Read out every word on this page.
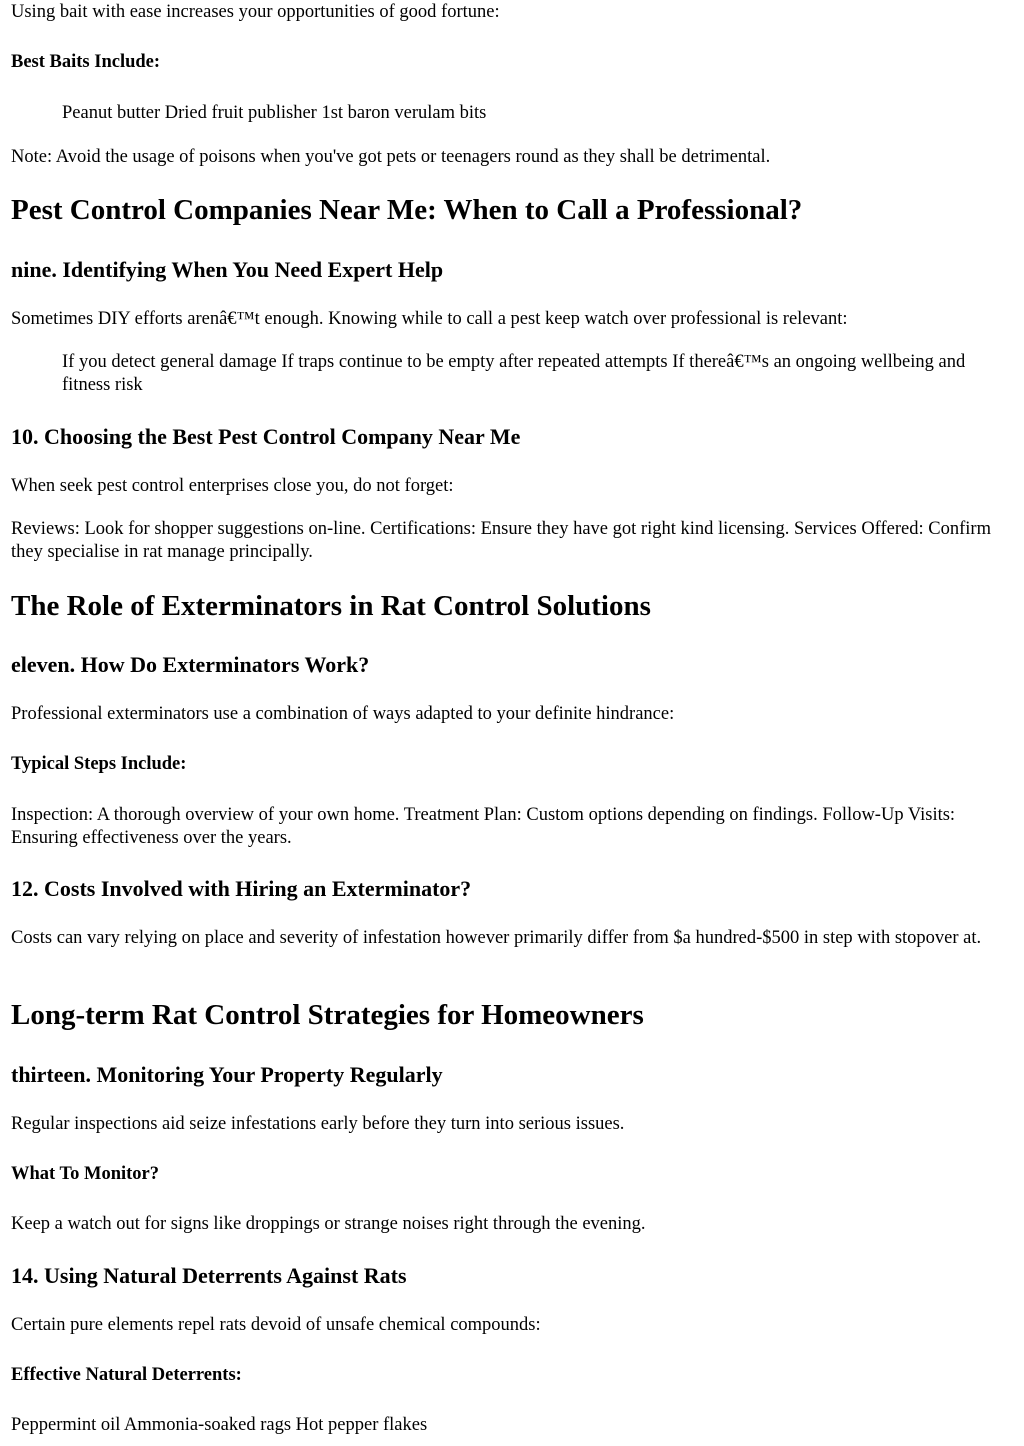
Using bait with ease increases your opportunities of good fortune:

Best Baits Include:

Peanut butter Dried fruit publisher 1st baron verulam bits

Note: Avoid the usage of poisons when you've got pets or teenagers round as they shall be detrimental.

Pest Control Companies Near Me: When to Call a Professional?
nine. Identifying When You Need Expert Help

Sometimes DIY efforts arenâ€™t enough. Knowing while to call a pest keep watch over professional is relevant:

If you detect general damage If traps continue to be empty after repeated attempts If thereâ€™s an ongoing wellbeing and fitness risk

10. Choosing the Best Pest Control Company Near Me

When seek pest control enterprises close you, do not forget:

Reviews: Look for shopper suggestions on-line. Certifications: Ensure they have got right kind licensing. Services Offered: Confirm they specialise in rat manage principally.

The Role of Exterminators in Rat Control Solutions
eleven. How Do Exterminators Work?

Professional exterminators use a combination of ways adapted to your definite hindrance:

Typical Steps Include:

Inspection: A thorough overview of your own home. Treatment Plan: Custom options depending on findings. Follow-Up Visits: Ensuring effectiveness over the years.

12. Costs Involved with Hiring an Exterminator?

Costs can vary relying on place and severity of infestation however primarily differ from $a hundred-$500 in step with stopover at.

Long-term Rat Control Strategies for Homeowners
thirteen. Monitoring Your Property Regularly

Regular inspections aid seize infestations early before they turn into serious issues.

What To Monitor?

Keep a watch out for signs like droppings or strange noises right through the evening.

14. Using Natural Deterrents Against Rats

Certain pure elements repel rats devoid of unsafe chemical compounds:

Effective Natural Deterrents:

Peppermint oil Ammonia-soaked rags Hot pepper flakes
